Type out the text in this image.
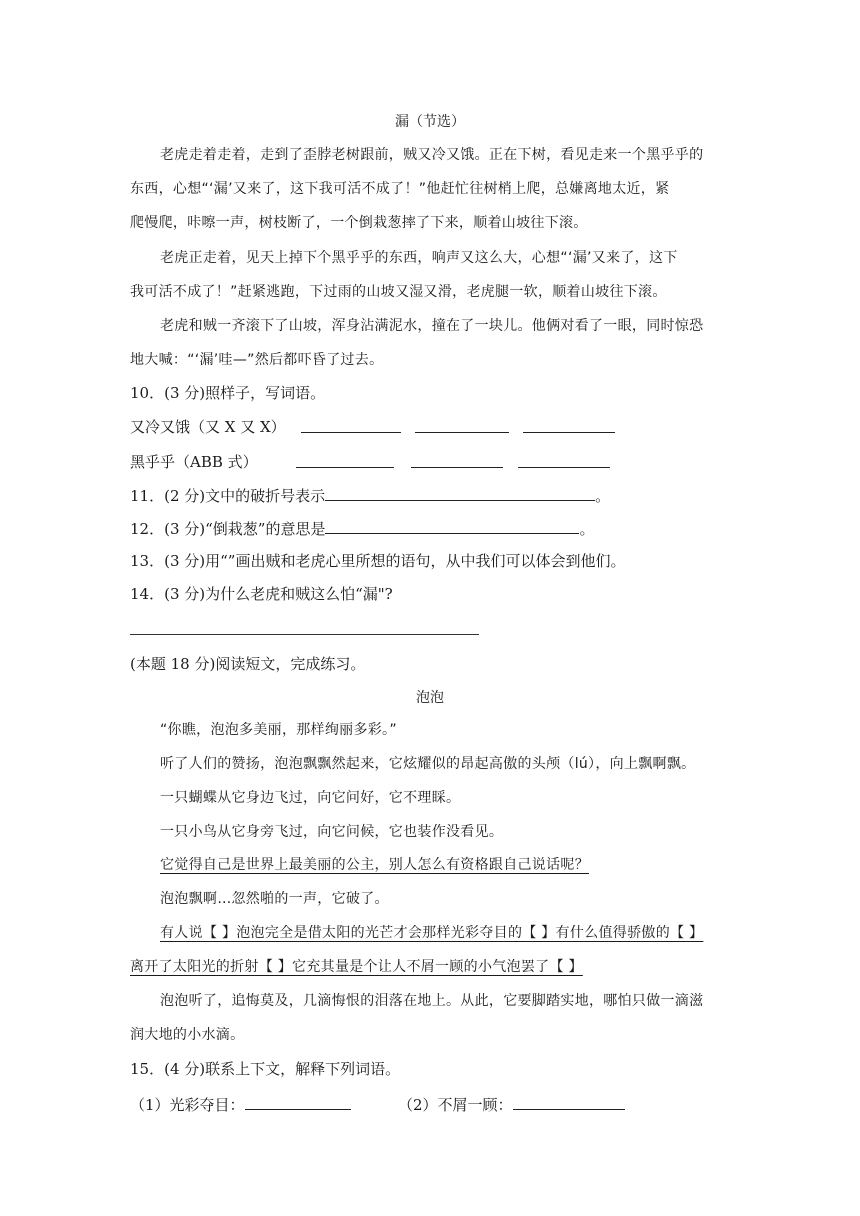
漏（节选）
老虎走着走着，走到了歪脖老树跟前，贼又冷又饿。正在下树，看见走来一个黑乎乎的
东西，心想“‘漏’又来了，这下我可活不成了！”他赶忙往树梢上爬，总嫌离地太近，紧
爬慢爬，咔嚓一声，树枝断了，一个倒栽葱摔了下来，顺着山坡往下滚。
老虎正走着，见天上掉下个黑乎乎的东西，响声又这么大，心想“‘漏’又来了，这下
我可活不成了！”赶紧逃跑，下过雨的山坡又湿又滑，老虎腿一软，顺着山坡往下滚。
老虎和贼一齐滚下了山坡，浑身沾满泥水，撞在了一块儿。他俩对看了一眼，同时惊恐
地大喊：“‘漏’哇—”然后都吓昏了过去。
10．(3 分)照样子，写词语。
又冷又饿（又 X 又 X）
黑乎乎（ABB 式）
11．(2 分)文中的破折号表示	。
12．(3 分)“倒栽葱”的意思是	。
13．(3 分)用“”画出贼和老虎心里所想的语句，从中我们可以体会到他们。
14．(3 分)为什么老虎和贼这么怕“漏"?
(本题 18 分)阅读短文，完成练习。
泡泡
“你瞧，泡泡多美丽，那样绚丽多彩。”
听了人们的赞扬，泡泡飘飘然起来，它炫耀似的昂起高傲的头颅（lú），向上飘啊飘。
一只蝴蝶从它身边飞过，向它问好，它不理睬。
一只小鸟从它身旁飞过，向它问候，它也装作没看见。
它觉得自己是世界上最美丽的公主，别人怎么有资格跟自己说话呢？
泡泡飘啊…忽然啪的一声，它破了。
有人说【 】泡泡完全是借太阳的光芒才会那样光彩夺目的【 】有什么值得骄傲的【 】
离开了太阳光的折射【 】它充其量是个让人不屑一顾的小气泡罢了【 】
泡泡听了，追悔莫及，几滴悔恨的泪落在地上。从此，它要脚踏实地，哪怕只做一滴滋
润大地的小水滴。
15．(4 分)联系上下文，解释下列词语。
（1）光彩夺目：	（2）不屑一顾：
